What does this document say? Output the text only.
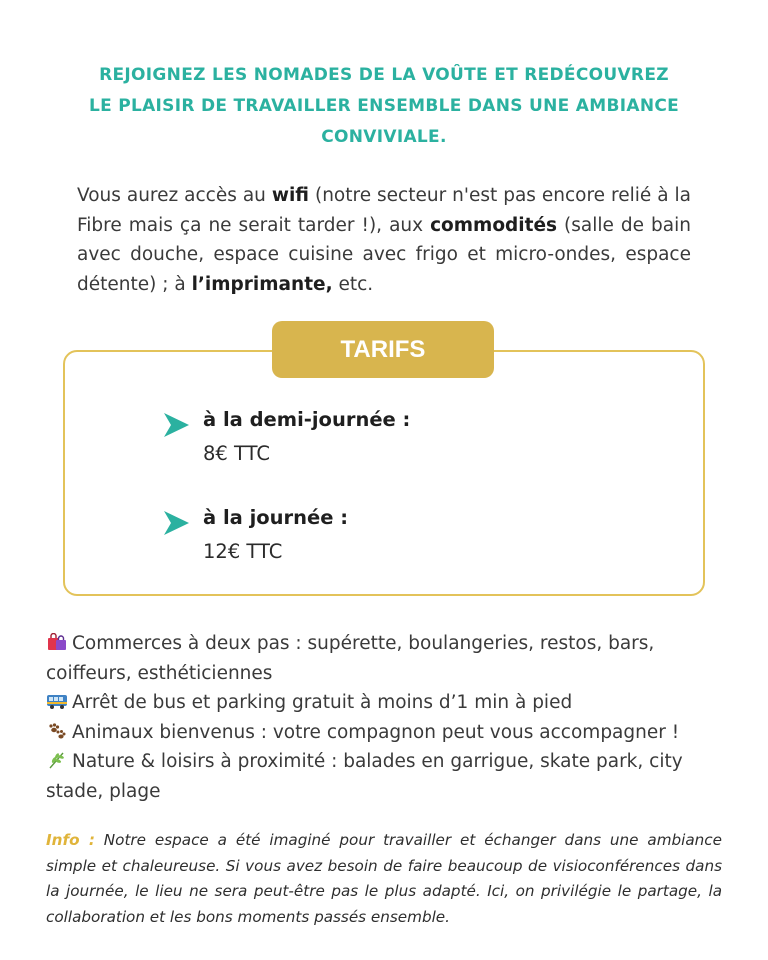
REJOIGNEZ LES NOMADES DE LA VOÛTE ET REDÉCOUVREZ
LE PLAISIR DE TRAVAILLER ENSEMBLE DANS UNE AMBIANCE
CONVIVIALE.
Vous aurez accès au wifi (notre secteur n'est pas encore relié à la Fibre mais ça ne serait tarder !), aux commodités (salle de bain avec douche, espace cuisine avec frigo et micro-ondes, espace détente) ; à l’imprimante, etc.
TARIFS
à la demi-journée :
8€ TTC
à la journée :
12€ TTC
Commerces à deux pas : supérette, boulangeries, restos, bars,
coiffeurs, esthéticiennes
Arrêt de bus et parking gratuit à moins d’1 min à pied
Animaux bienvenus : votre compagnon peut vous accompagner !
Nature & loisirs à proximité : balades en garrigue, skate park, city
stade, plage
Info : Notre espace a été imaginé pour travailler et échanger dans une ambiance simple et chaleureuse. Si vous avez besoin de faire beaucoup de visioconférences dans la journée, le lieu ne sera peut-être pas le plus adapté. Ici, on privilégie le partage, la collaboration et les bons moments passés ensemble.
